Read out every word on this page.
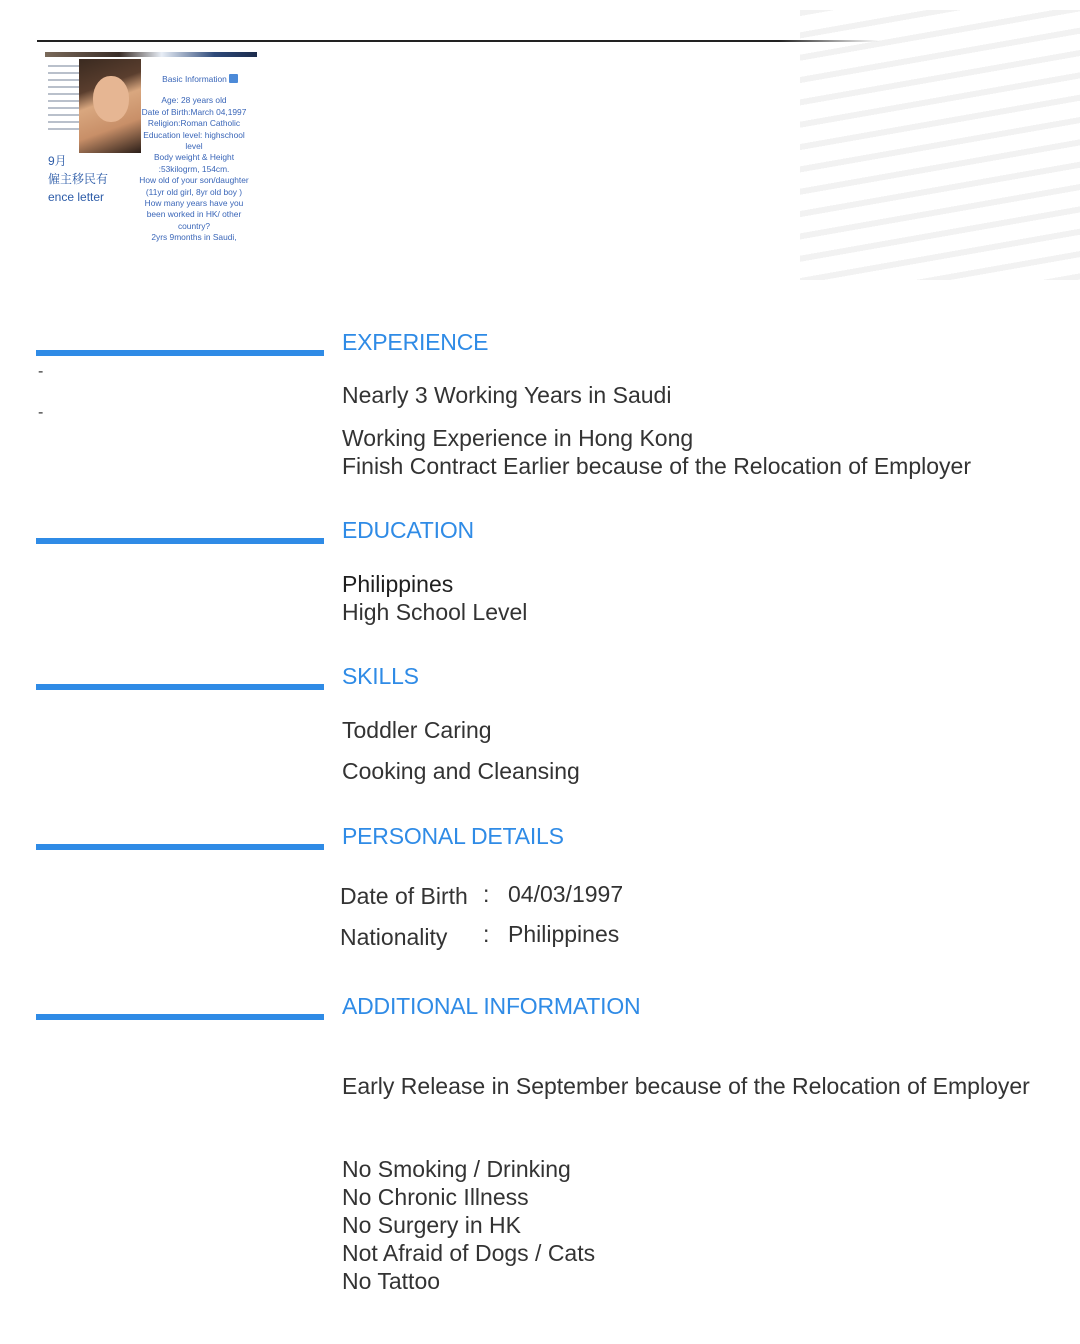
9月
僱主移民有
ence letter
Basic Information
Age: 28 years old
Date of Birth:March 04,1997
Religion:Roman Catholic
Education level: highschool
level
Body weight & Height
:53kilogrm, 154cm.
How old of your son/daughter
(11yr old girl, 8yr old boy )
How many years have you
been worked in HK/ other
country?
2yrs 9months in Saudi,
EXPERIENCE
-
-
Nearly 3 Working Years in Saudi
Working Experience in Hong Kong
Finish Contract Earlier because of the Relocation of Employer
EDUCATION
Philippines
High School Level
SKILLS
Toddler Caring
Cooking and Cleansing
PERSONAL DETAILS
Date of Birth : 04/03/1997
Nationality : Philippines
ADDITIONAL INFORMATION
Early Release in September because of the Relocation of Employer
No Smoking / Drinking
No Chronic Illness
No Surgery in HK
Not Afraid of Dogs / Cats
No Tattoo
